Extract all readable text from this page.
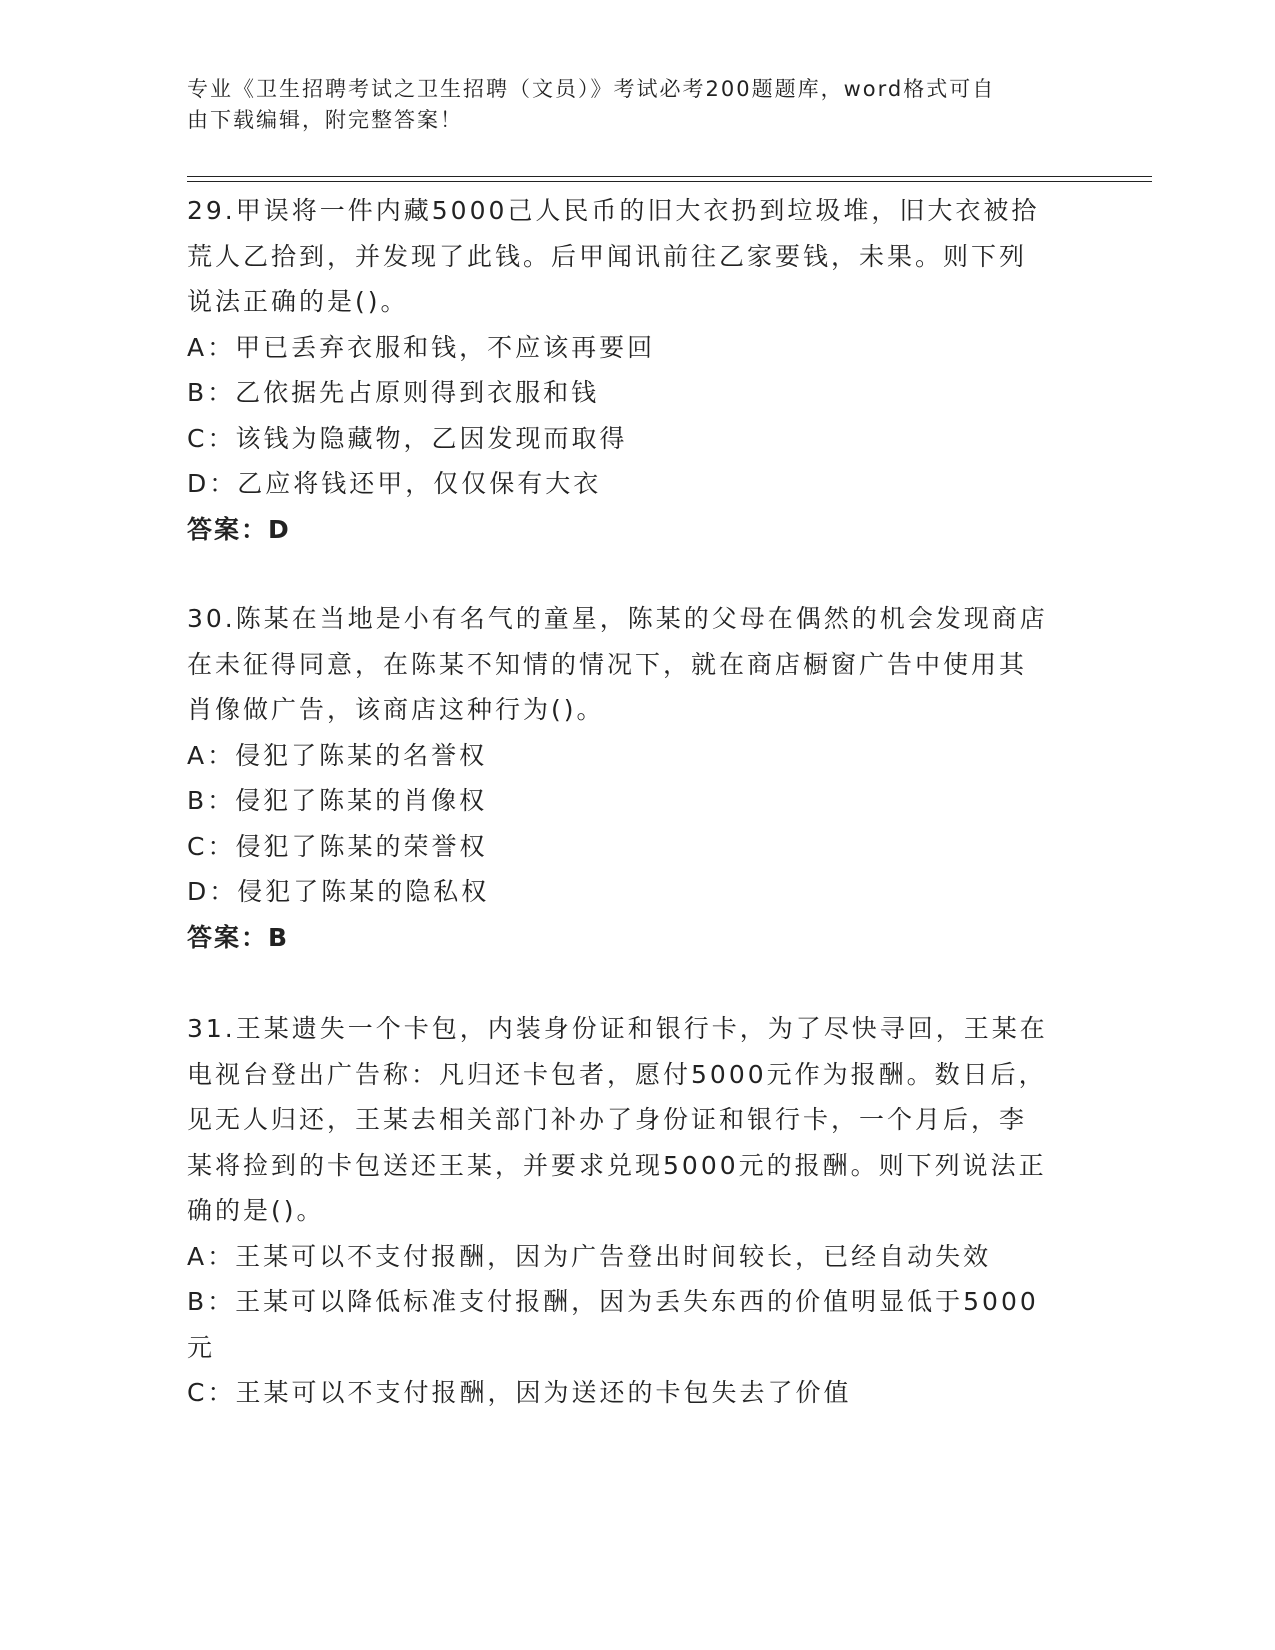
专业《卫生招聘考试之卫生招聘（文员）》考试必考200题题库，word格式可自
由下载编辑，附完整答案！
29.甲误将一件内藏5000己人民币的旧大衣扔到垃圾堆，旧大衣被拾
荒人乙拾到，并发现了此钱。后甲闻讯前往乙家要钱，未果。则下列
说法正确的是()。
A：甲已丢弃衣服和钱，不应该再要回
B：乙依据先占原则得到衣服和钱
C：该钱为隐藏物，乙因发现而取得
D：乙应将钱还甲，仅仅保有大衣
答案：D
30.陈某在当地是小有名气的童星，陈某的父母在偶然的机会发现商店
在未征得同意，在陈某不知情的情况下，就在商店橱窗广告中使用其
肖像做广告，该商店这种行为()。
A：侵犯了陈某的名誉权
B：侵犯了陈某的肖像权
C：侵犯了陈某的荣誉权
D：侵犯了陈某的隐私权
答案：B
31.王某遗失一个卡包，内装身份证和银行卡，为了尽快寻回，王某在
电视台登出广告称：凡归还卡包者，愿付5000元作为报酬。数日后，
见无人归还，王某去相关部门补办了身份证和银行卡，一个月后，李
某将捡到的卡包送还王某，并要求兑现5000元的报酬。则下列说法正
确的是()。
A：王某可以不支付报酬，因为广告登出时间较长，已经自动失效
B：王某可以降低标准支付报酬，因为丢失东西的价值明显低于5000
元
C：王某可以不支付报酬，因为送还的卡包失去了价值
